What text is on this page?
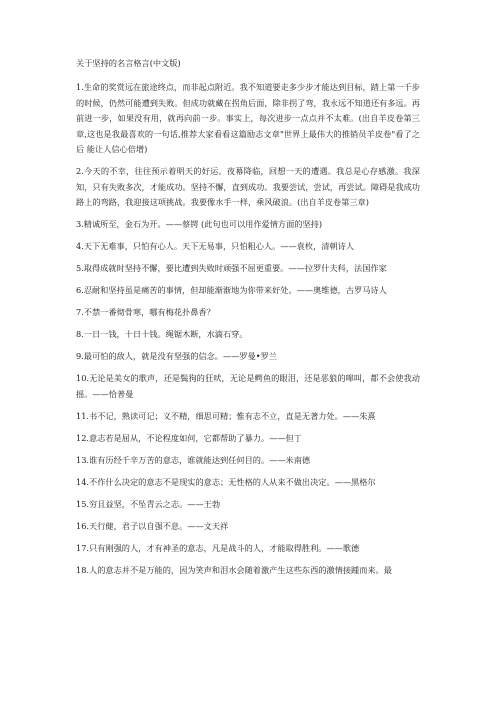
关于坚持的名言格言(中文版)

1.生命的奖赏远在旅途终点，而非起点附近。我不知道要走多少步才能达到目标，踏上第一千步的时候，仍然可能遭到失败。但成功就藏在拐角后面，除非拐了弯，我永远不知道还有多远。再前进一步，如果没有用，就再向前一步。事实上，每次进步一点点并不太难。(出自羊皮卷第三章,这也是我最喜欢的一句话,推荐大家看看这篇励志文章"世界上最伟大的推销员羊皮卷"看了之后 能让人信心倍增)

2.今天的不幸，往往预示着明天的好运。夜幕降临，回想一天的遭遇。我总是心存感激。我深知，只有失败多次，才能成功。坚持不懈，直到成功。我要尝试，尝试，再尝试。障碍是我成功路上的弯路，我迎接这项挑战。我要像水手一样，乘风破浪。(出自羊皮卷第三章)

3.精诚所至，金石为开。——蔡锷 (此句也可以用作爱情方面的坚持)

4.天下无难事，只怕有心人。天下无易事，只怕粗心人。——袁枚，清朝诗人

5.取得成就时坚持不懈，要比遭到失败时顽强不屈更重要。——拉罗什夫科，法国作家

6.忍耐和坚持虽是痛苦的事情，但却能渐渐地为你带来好处。——奥维德，古罗马诗人

7.不禁一番彻骨寒，哪有梅花扑鼻香？

8.一日一钱，十日十钱。绳锯木断，水滴石穿。

9.最可怕的敌人，就是没有坚强的信念。——罗曼•罗兰

10.无论是美女的歌声，还是鬓狗的狂吠，无论是鳄鱼的眼泪，还是恶狼的嗥叫，都不会使我动摇。——恰普曼

11.书不记，熟读可记；义不精，细思可精；惟有志不立，直是无著力处。——朱熹

12.意志若是屈从，不论程度如何，它都帮助了暴力。——但丁

13.谁有历经千辛万苦的意志，谁就能达到任何目的。——米南德

14.不作什么决定的意志不是现实的意志；无性格的人从来不做出决定。——黑格尔

15.穷且益坚，不坠青云之志。——王勃

16.天行健，君子以自强不息。——文天祥

17.只有刚强的人，才有神圣的意志，凡是战斗的人，才能取得胜利。——歌德

18.人的意志并不是万能的，因为笑声和泪水会随着激产生这些东西的激情接踵而来。最
